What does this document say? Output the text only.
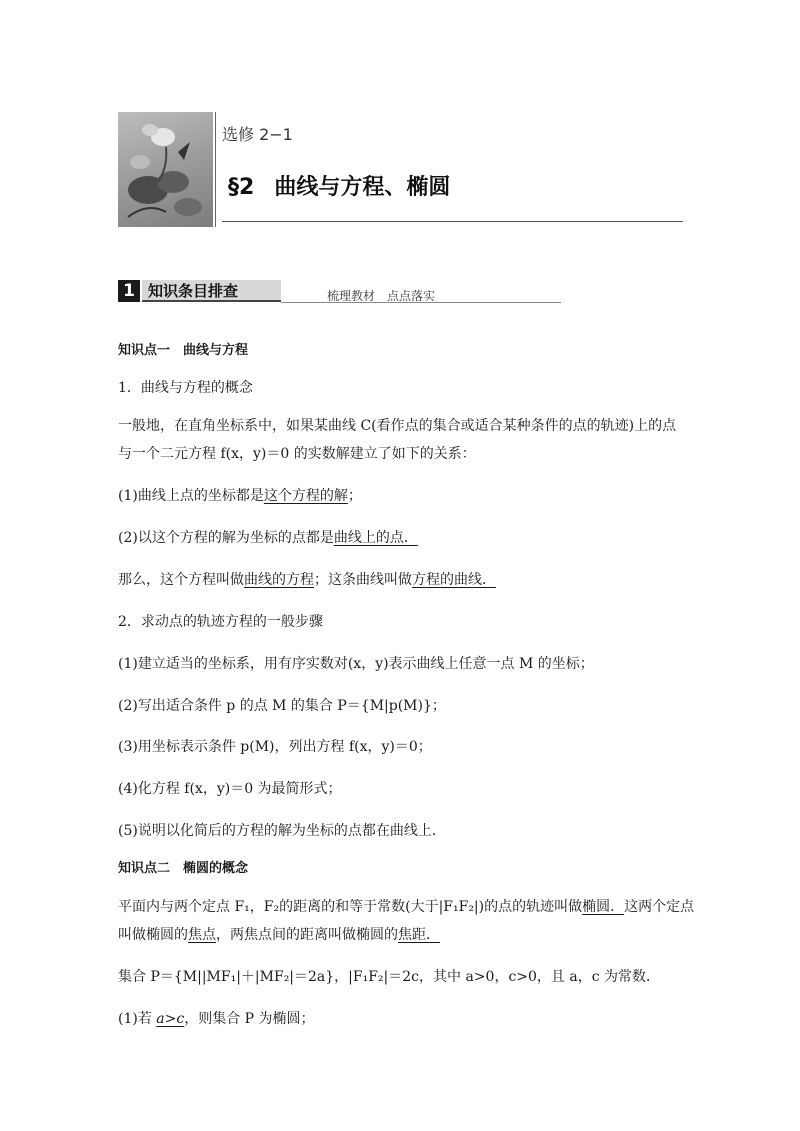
选修 2−1
§2 曲线与方程、椭圆
1 知识条目排查	梳理教材　点点落实
知识点一　曲线与方程
1．曲线与方程的概念
一般地，在直角坐标系中，如果某曲线 C(看作点的集合或适合某种条件的点的轨迹)上的点
与一个二元方程 f(x，y)＝0 的实数解建立了如下的关系：
(1)曲线上点的坐标都是这个方程的解；
(2)以这个方程的解为坐标的点都是曲线上的点．
那么，这个方程叫做曲线的方程；这条曲线叫做方程的曲线．
2．求动点的轨迹方程的一般步骤
(1)建立适当的坐标系，用有序实数对(x，y)表示曲线上任意一点 M 的坐标；
(2)写出适合条件 p 的点 M 的集合 P＝{M|p(M)}；
(3)用坐标表示条件 p(M)，列出方程 f(x，y)＝0；
(4)化方程 f(x，y)＝0 为最简形式；
(5)说明以化简后的方程的解为坐标的点都在曲线上．
知识点二　椭圆的概念
平面内与两个定点 F₁，F₂的距离的和等于常数(大于|F₁F₂|)的点的轨迹叫做椭圆．这两个定点
叫做椭圆的焦点，两焦点间的距离叫做椭圆的焦距．
集合 P＝{M||MF₁|＋|MF₂|＝2a}，|F₁F₂|＝2c，其中 a>0，c>0，且 a，c 为常数．
(1)若 a>c，则集合 P 为椭圆；
